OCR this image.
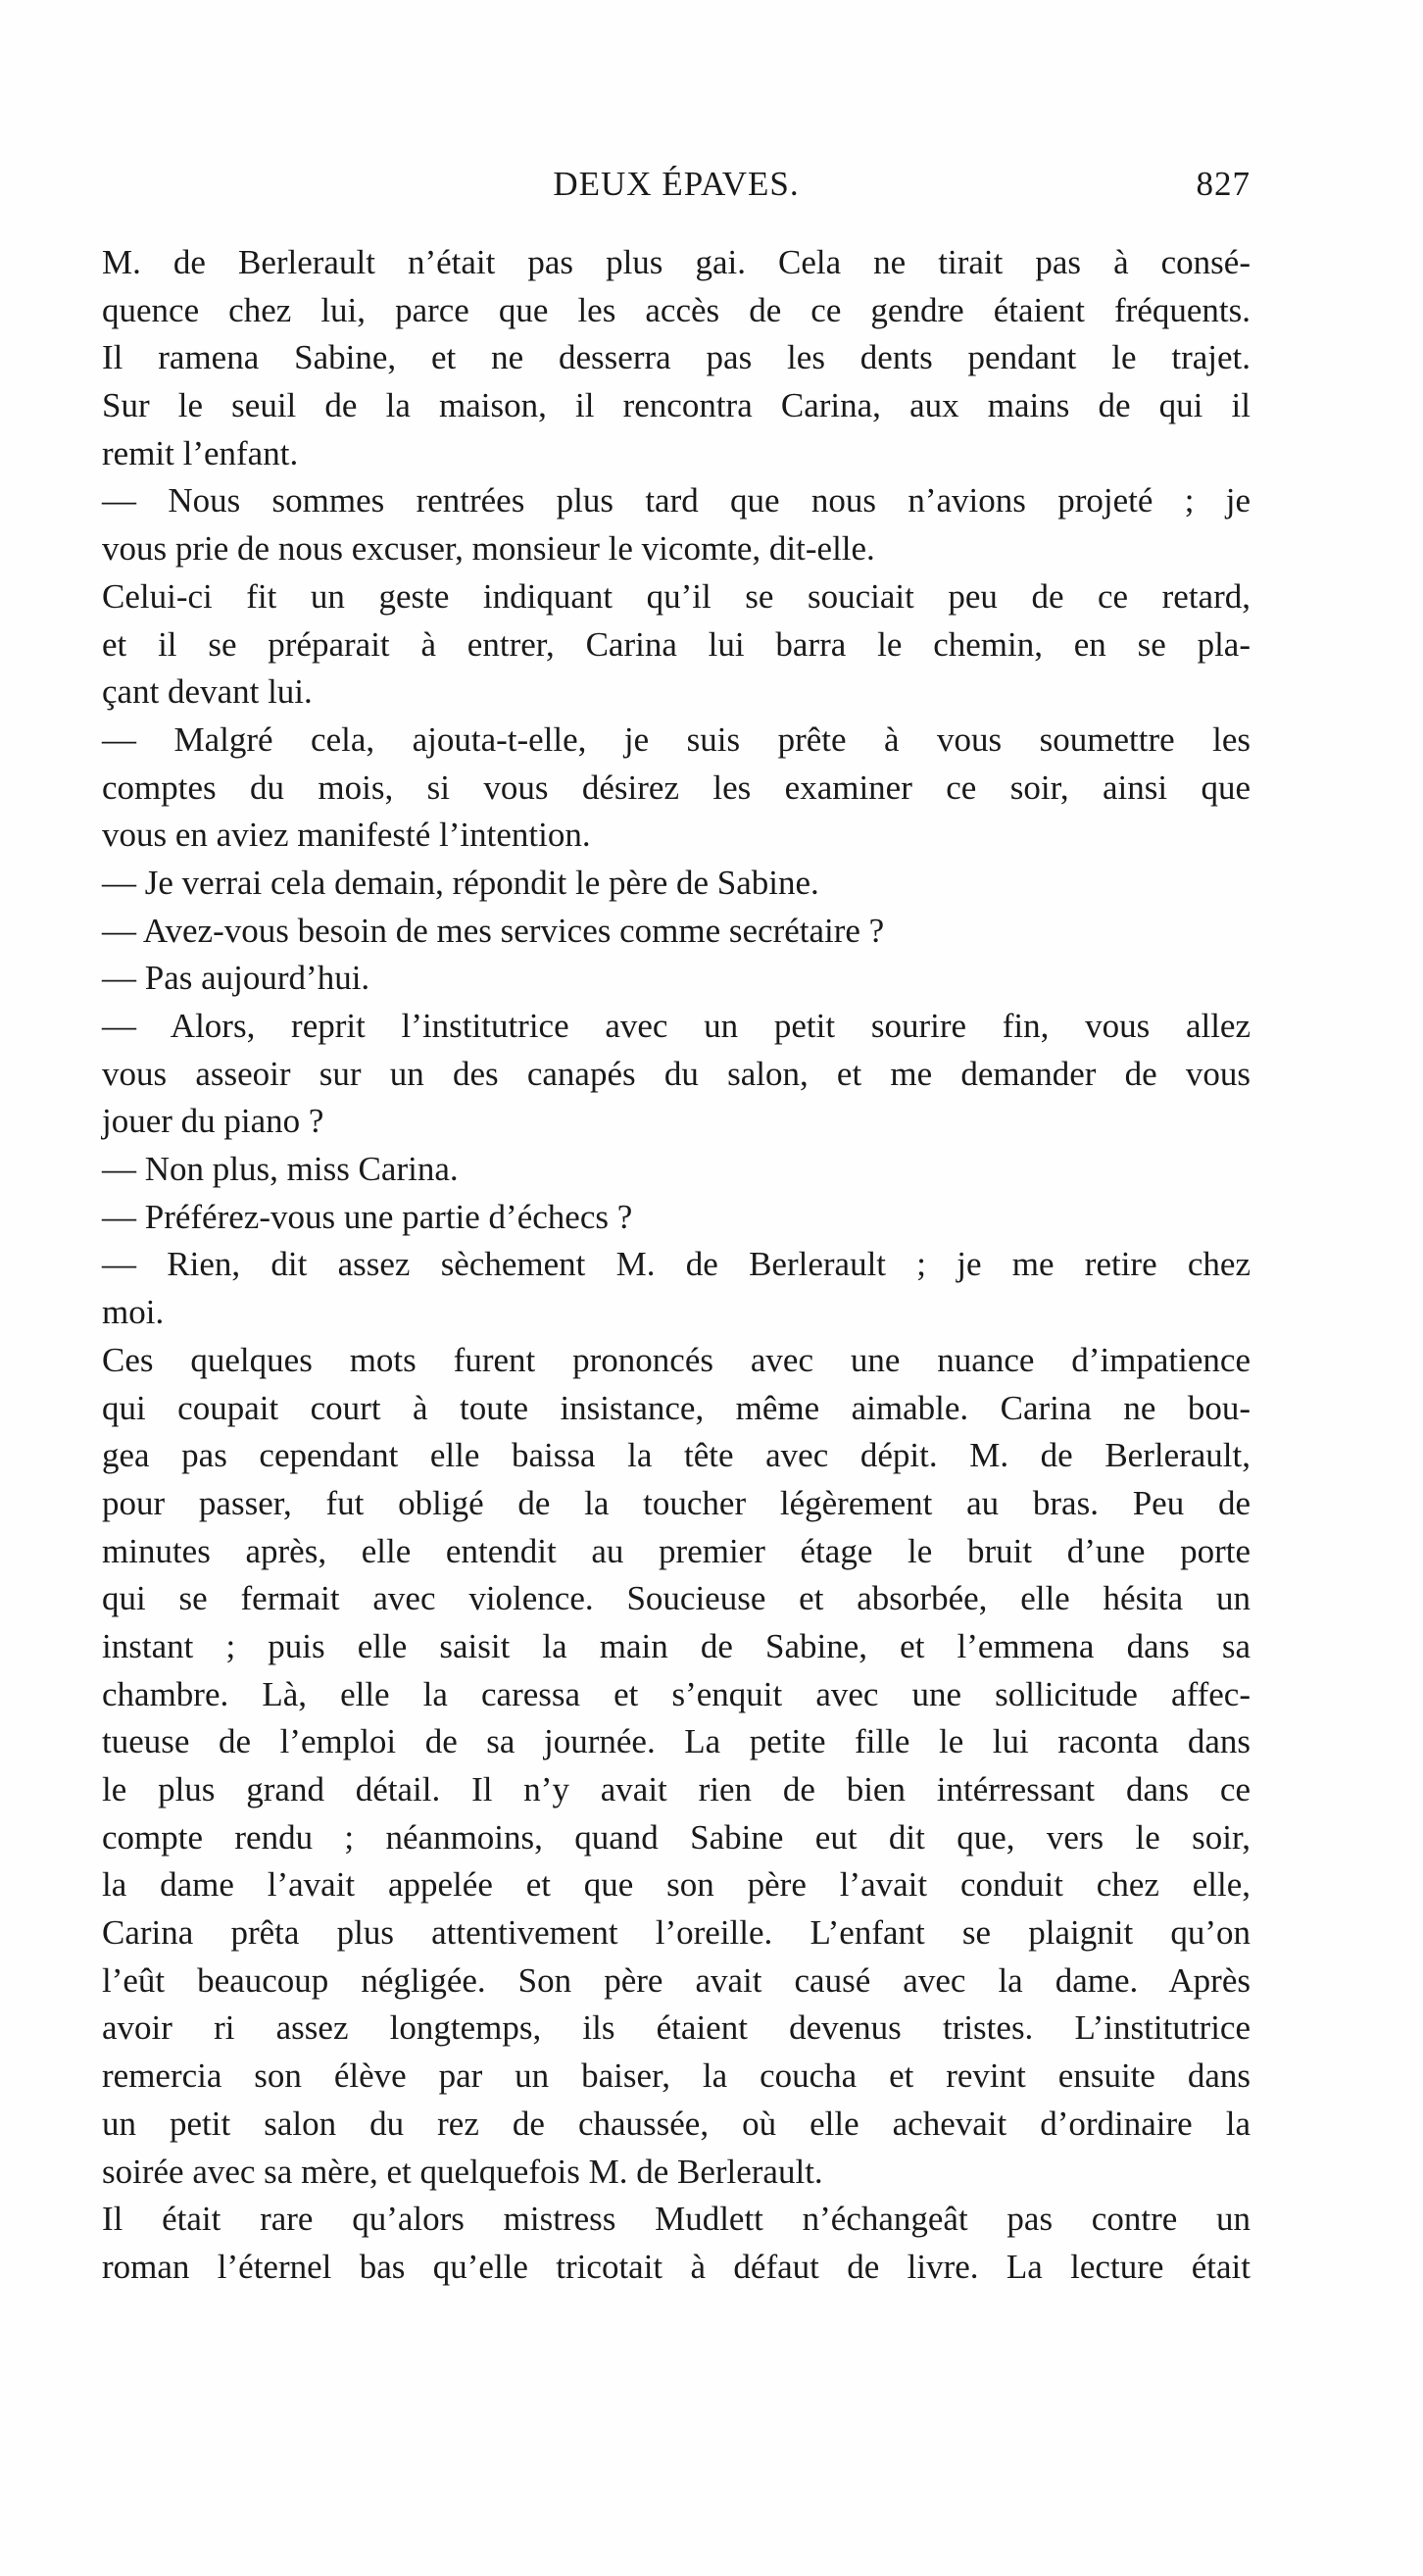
DEUX ÉPAVES.	827
M. de Berlerault n’était pas plus gai. Cela ne tirait pas à consé-
quence chez lui, parce que les accès de ce gendre étaient fréquents.
Il ramena Sabine, et ne desserra pas les dents pendant le trajet.
Sur le seuil de la maison, il rencontra Carina, aux mains de qui il
remit l’enfant.
— Nous sommes rentrées plus tard que nous n’avions projeté ; je
vous prie de nous excuser, monsieur le vicomte, dit-elle.
Celui-ci fit un geste indiquant qu’il se souciait peu de ce retard,
et il se préparait à entrer, Carina lui barra le chemin, en se pla-
çant devant lui.
— Malgré cela, ajouta-t-elle, je suis prête à vous soumettre les
comptes du mois, si vous désirez les examiner ce soir, ainsi que
vous en aviez manifesté l’intention.
— Je verrai cela demain, répondit le père de Sabine.
— Avez-vous besoin de mes services comme secrétaire ?
— Pas aujourd’hui.
— Alors, reprit l’institutrice avec un petit sourire fin, vous allez
vous asseoir sur un des canapés du salon, et me demander de vous
jouer du piano ?
— Non plus, miss Carina.
— Préférez-vous une partie d’échecs ?
— Rien, dit assez sèchement M. de Berlerault ; je me retire chez
moi.
Ces quelques mots furent prononcés avec une nuance d’impatience
qui coupait court à toute insistance, même aimable. Carina ne bou-
gea pas cependant elle baissa la tête avec dépit. M. de Berlerault,
pour passer, fut obligé de la toucher légèrement au bras. Peu de
minutes après, elle entendit au premier étage le bruit d’une porte
qui se fermait avec violence. Soucieuse et absorbée, elle hésita un
instant ; puis elle saisit la main de Sabine, et l’emmena dans sa
chambre. Là, elle la caressa et s’enquit avec une sollicitude affec-
tueuse de l’emploi de sa journée. La petite fille le lui raconta dans
le plus grand détail. Il n’y avait rien de bien intérressant dans ce
compte rendu ; néanmoins, quand Sabine eut dit que, vers le soir,
la dame l’avait appelée et que son père l’avait conduit chez elle,
Carina prêta plus attentivement l’oreille. L’enfant se plaignit qu’on
l’eût beaucoup négligée. Son père avait causé avec la dame. Après
avoir ri assez longtemps, ils étaient devenus tristes. L’institutrice
remercia son élève par un baiser, la coucha et revint ensuite dans
un petit salon du rez de chaussée, où elle achevait d’ordinaire la
soirée avec sa mère, et quelquefois M. de Berlerault.
Il était rare qu’alors mistress Mudlett n’échangeât pas contre un
roman l’éternel bas qu’elle tricotait à défaut de livre. La lecture était
